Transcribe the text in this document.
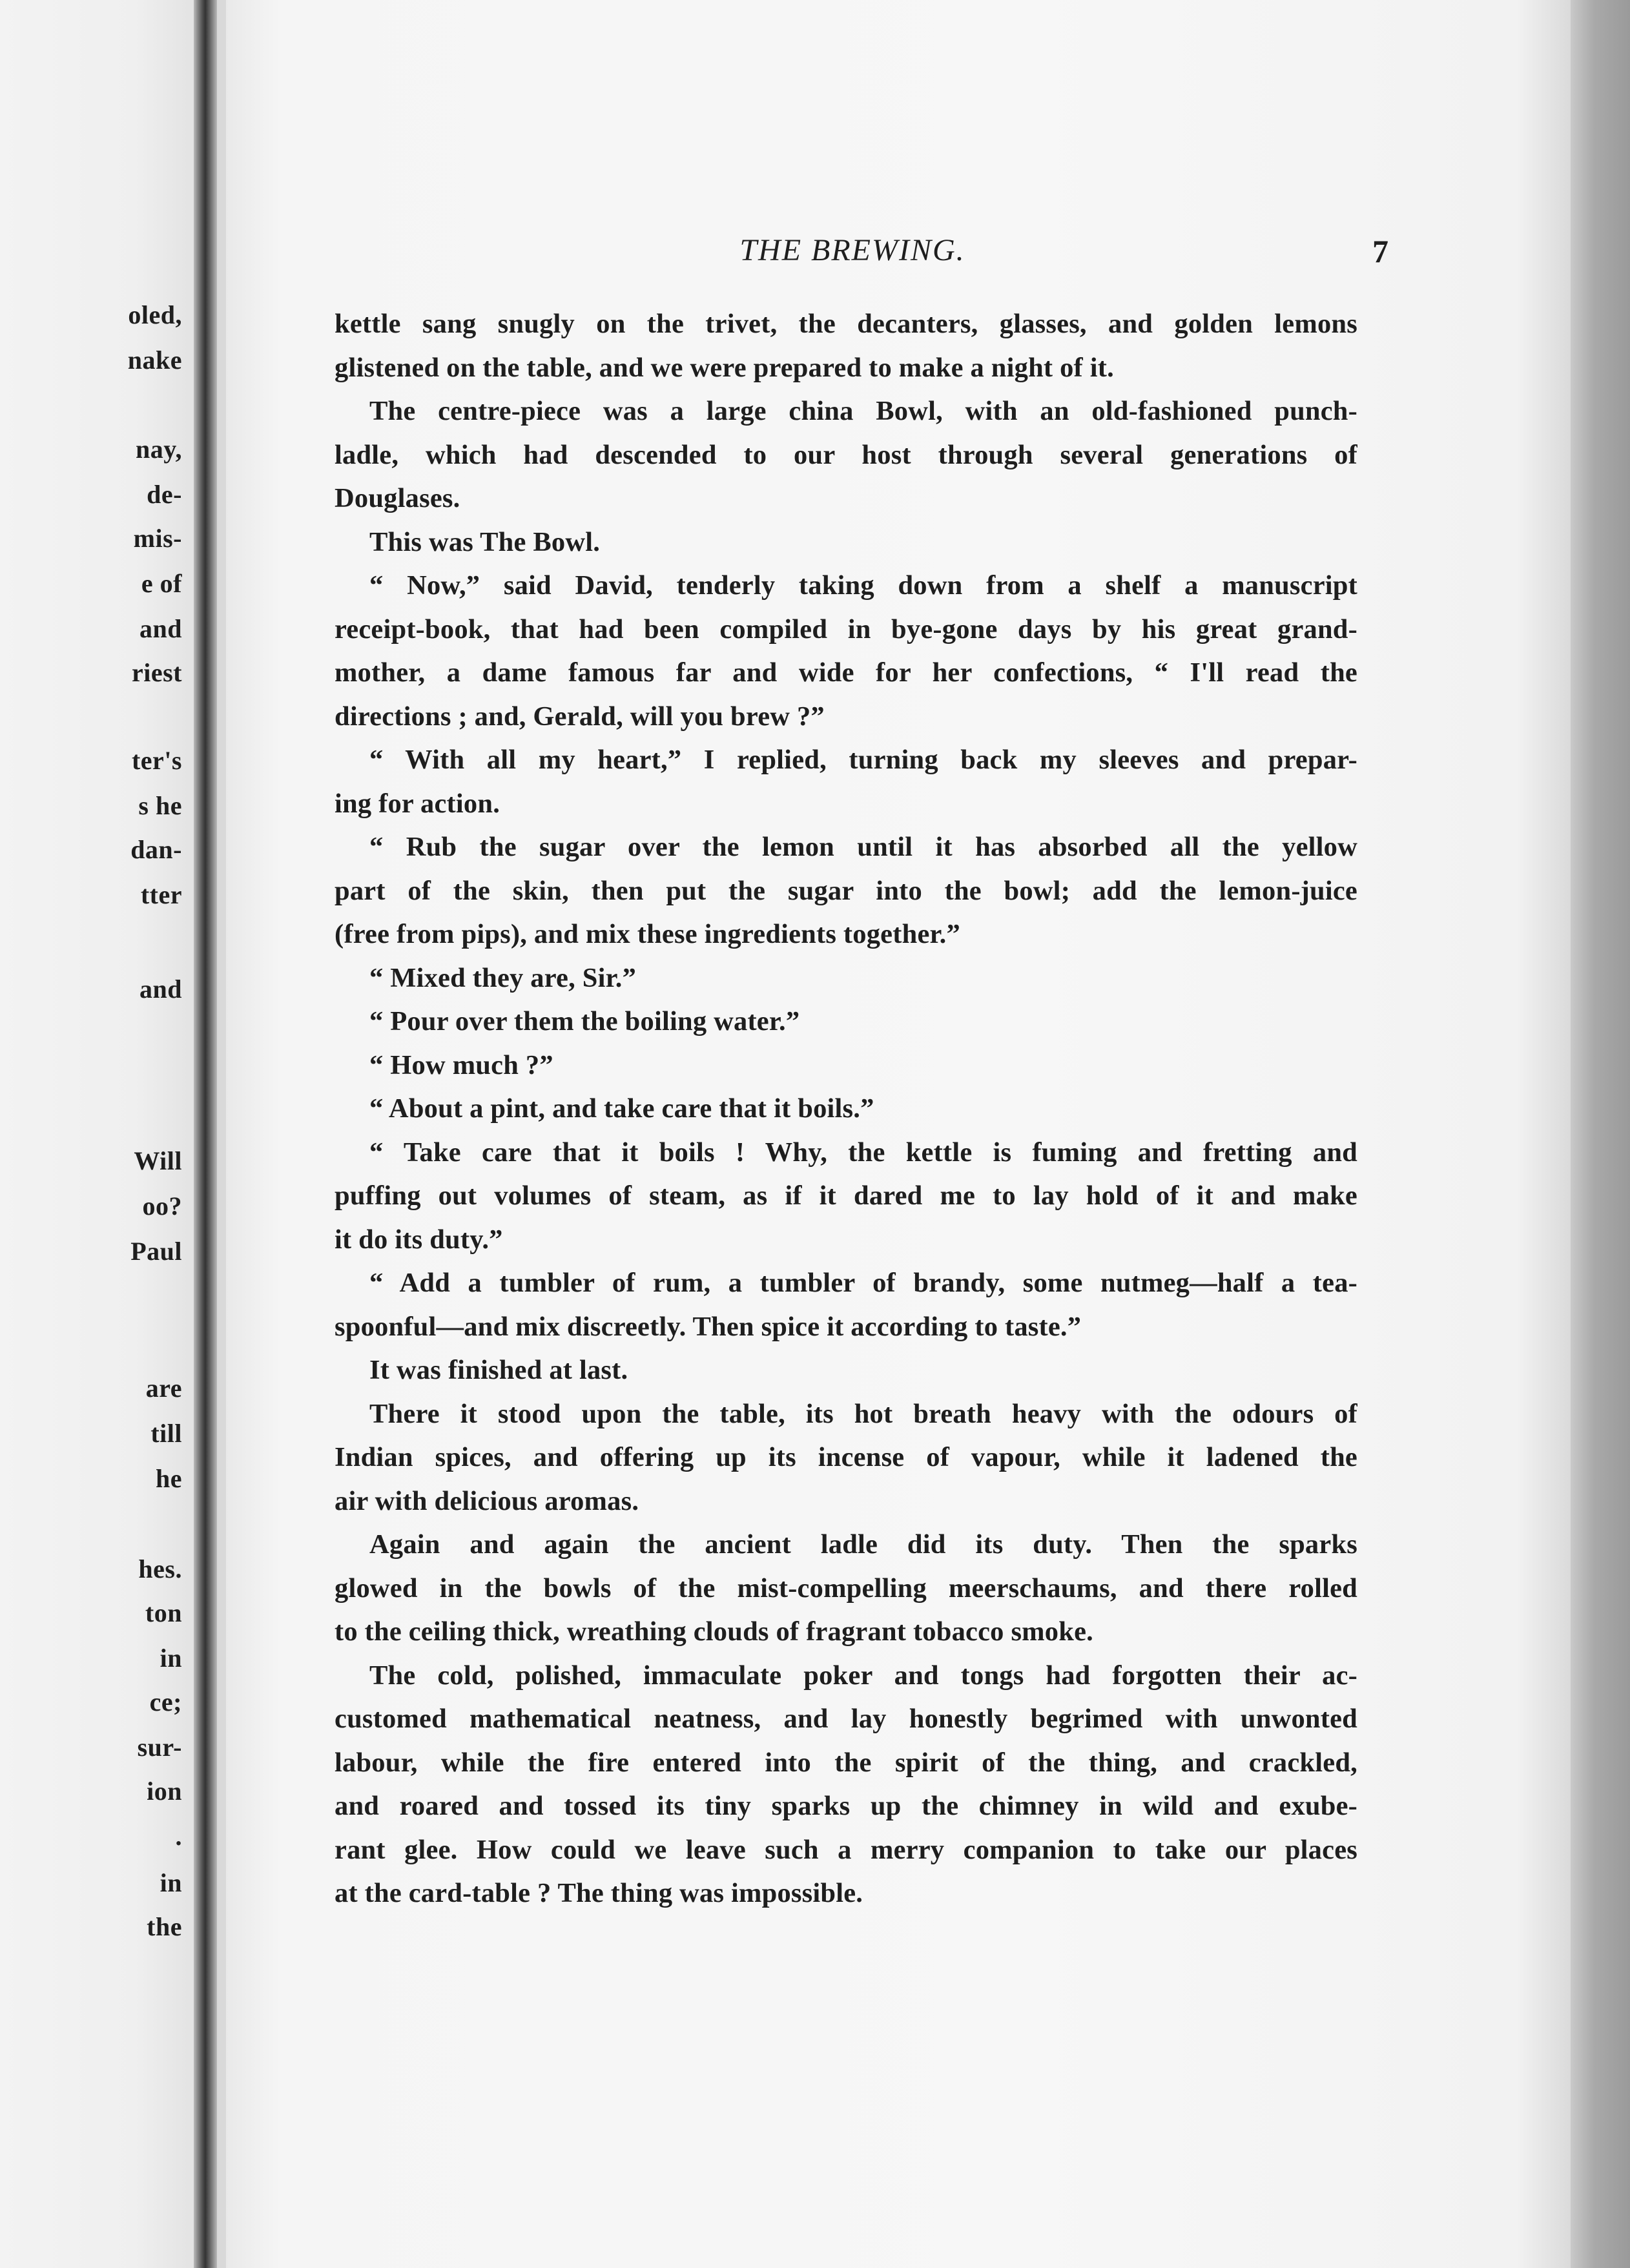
oled,
nake
nay,
de-
mis-
e of
and
riest
ter's
s he
dan-
tter
and
Will
oo?
Paul
are
till
he
hes.
ton
in
ce;
sur-
ion
.
in
the
THE BREWING.	7
kettle sang snugly on the trivet, the decanters, glasses, and golden lemons
glistened on the table, and we were prepared to make a night of it.
The centre-piece was a large china Bowl, with an old-fashioned punch-
ladle, which had descended to our host through several generations of
Douglases.
This was The Bowl.
“ Now,” said David, tenderly taking down from a shelf a manuscript
receipt-book, that had been compiled in bye-gone days by his great grand-
mother, a dame famous far and wide for her confections, “ I'll read the
directions ; and, Gerald, will you brew ?”
“ With all my heart,” I replied, turning back my sleeves and prepar-
ing for action.
“ Rub the sugar over the lemon until it has absorbed all the yellow
part of the skin, then put the sugar into the bowl; add the lemon-juice
(free from pips), and mix these ingredients together.”
“ Mixed they are, Sir.”
“ Pour over them the boiling water.”
“ How much ?”
“ About a pint, and take care that it boils.”
“ Take care that it boils ! Why, the kettle is fuming and fretting and
puffing out volumes of steam, as if it dared me to lay hold of it and make
it do its duty.”
“ Add a tumbler of rum, a tumbler of brandy, some nutmeg—half a tea-
spoonful—and mix discreetly. Then spice it according to taste.”
It was finished at last.
There it stood upon the table, its hot breath heavy with the odours of
Indian spices, and offering up its incense of vapour, while it ladened the
air with delicious aromas.
Again and again the ancient ladle did its duty. Then the sparks
glowed in the bowls of the mist-compelling meerschaums, and there rolled
to the ceiling thick, wreathing clouds of fragrant tobacco smoke.
The cold, polished, immaculate poker and tongs had forgotten their ac-
customed mathematical neatness, and lay honestly begrimed with unwonted
labour, while the fire entered into the spirit of the thing, and crackled,
and roared and tossed its tiny sparks up the chimney in wild and exube-
rant glee. How could we leave such a merry companion to take our places
at the card-table ? The thing was impossible.
